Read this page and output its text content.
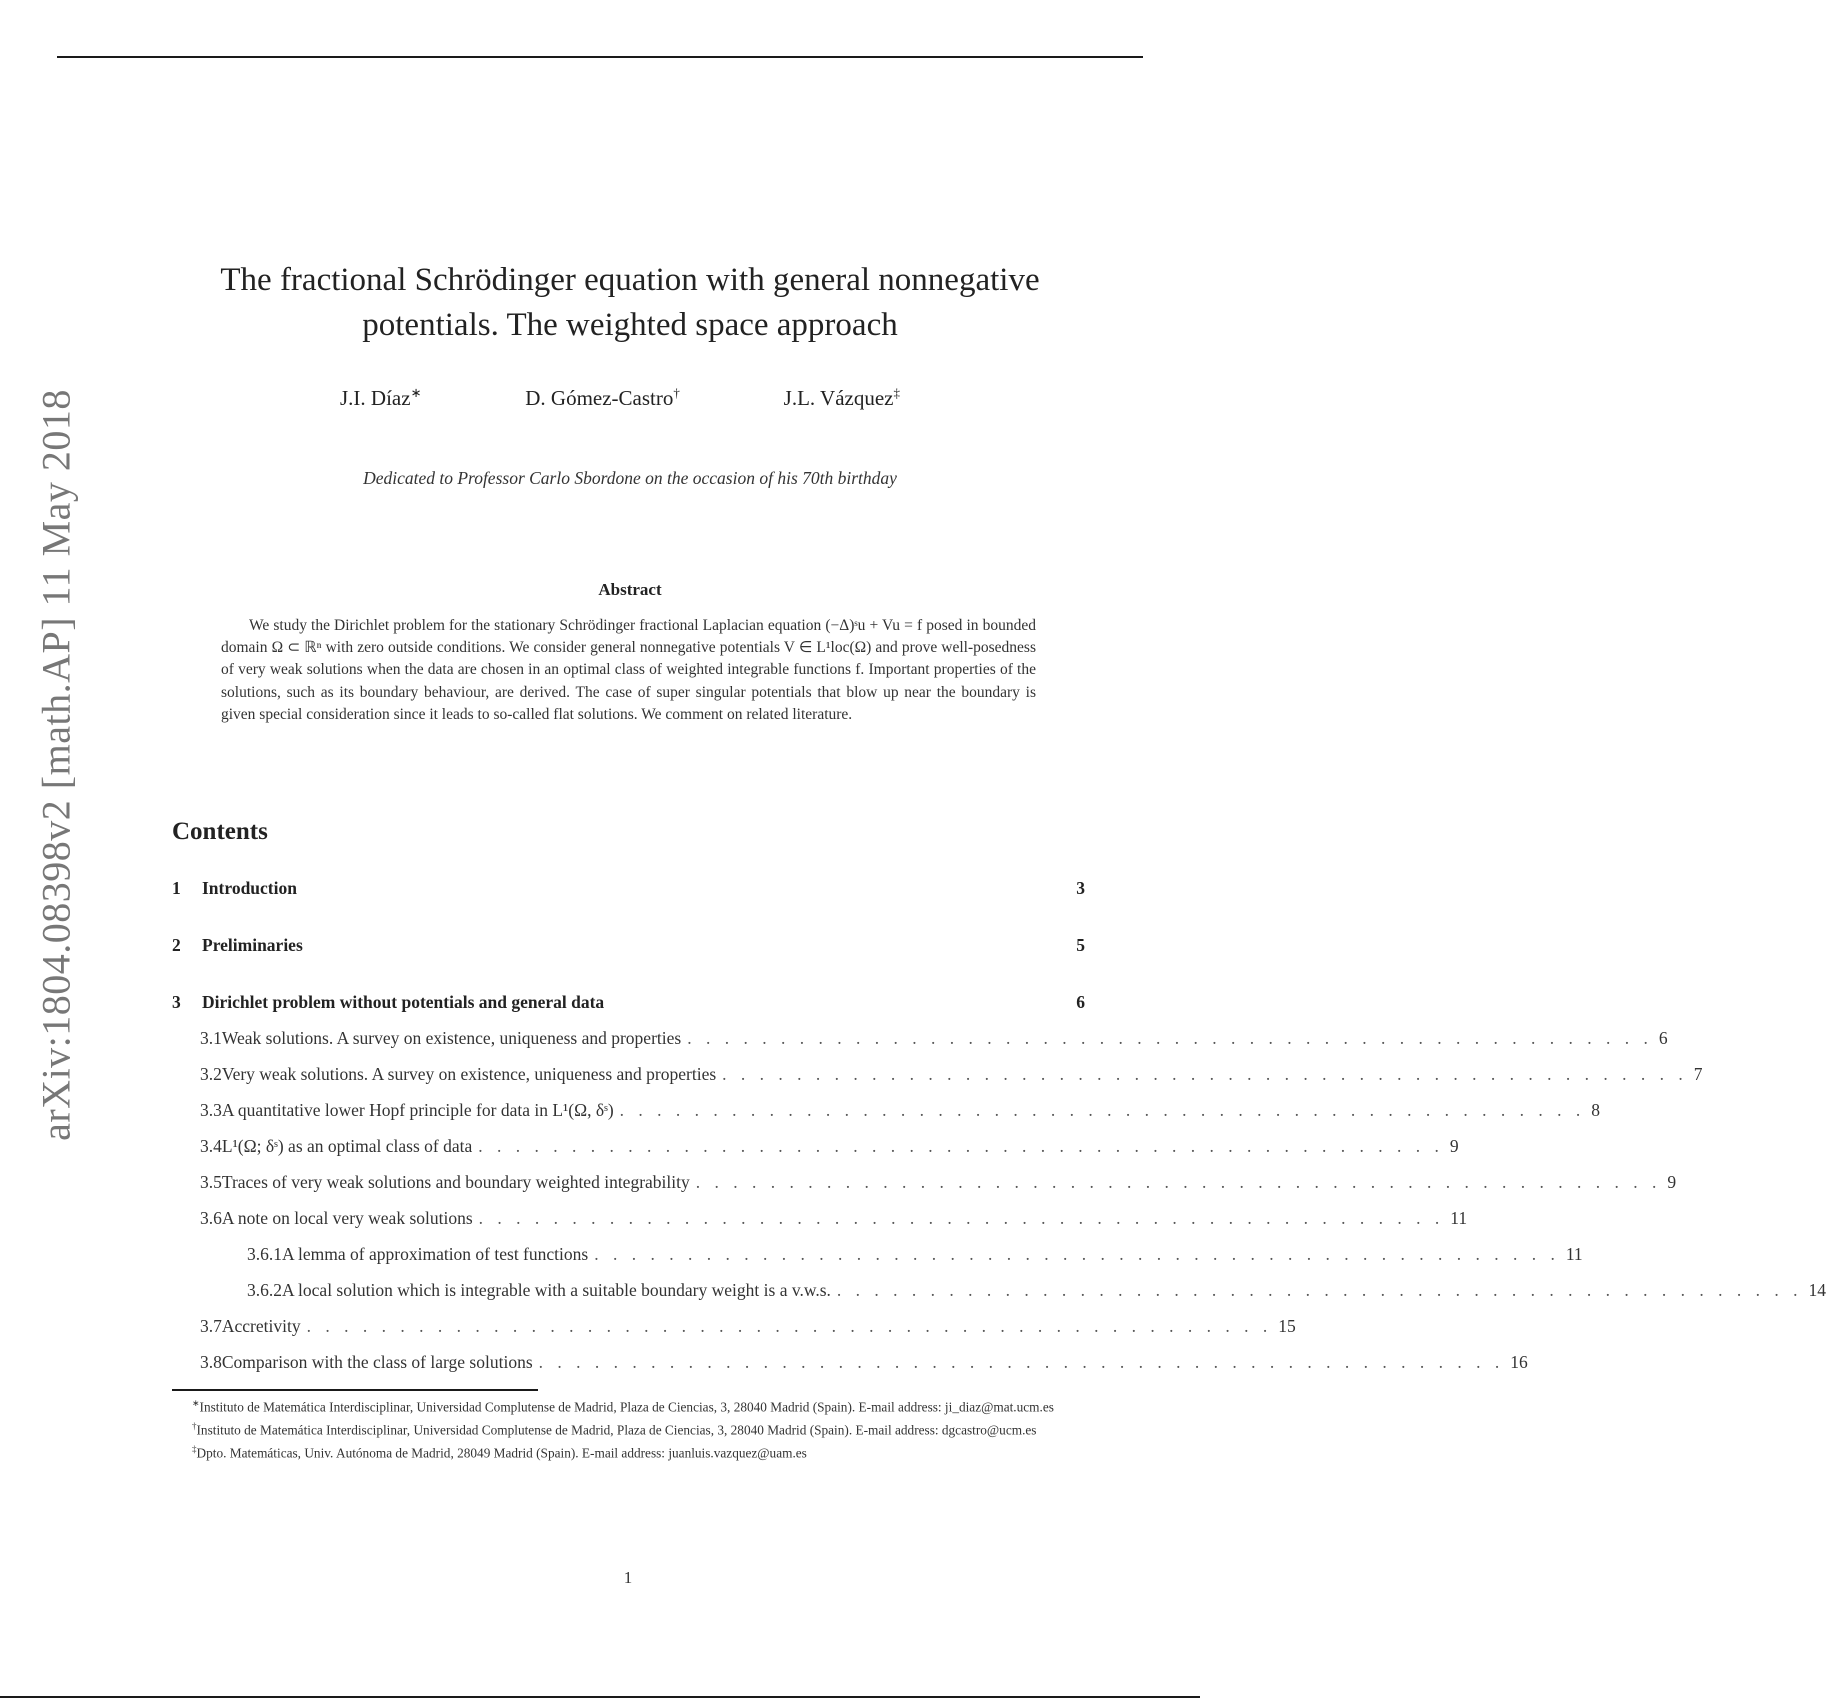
arXiv:1804.08398v2 [math.AP] 11 May 2018
The fractional Schrödinger equation with general nonnegative
potentials. The weighted space approach
J.I. Díaz∗	D. Gómez-Castro†	J.L. Vázquez‡
Dedicated to Professor Carlo Sbordone on the occasion of his 70th birthday
Abstract
We study the Dirichlet problem for the stationary Schrödinger fractional Laplacian equation (−Δ)ˢu + Vu = f posed in bounded domain Ω ⊂ ℝⁿ with zero outside conditions. We consider general nonnegative potentials V ∈ L¹loc(Ω) and prove well-posedness of very weak solutions when the data are chosen in an optimal class of weighted integrable functions f. Important properties of the solutions, such as its boundary behaviour, are derived. The case of super singular potentials that blow up near the boundary is given special consideration since it leads to so-called flat solutions. We comment on related literature.
Contents
1	Introduction	3
2	Preliminaries	5
3	Dirichlet problem without potentials and general data	6
3.1 Weak solutions. A survey on existence, uniqueness and properties . . . . . . . . . . . . . . . . . . . . . . . . . . . . . . . . . . . . . . . . . . . . . . . . . . . . 6
3.2 Very weak solutions. A survey on existence, uniqueness and properties . . . . . . . . . . . . . . . . . . . . . . . . . . . . . . . . . . . . . . . . . . . . . . . . . . . . 7
3.3 A quantitative lower Hopf principle for data in L¹(Ω, δˢ) . . . . . . . . . . . . . . . . . . . . . . . . . . . . . . . . . . . . . . . . . . . . . . . . . . . . 8
3.4 L¹(Ω; δˢ) as an optimal class of data . . . . . . . . . . . . . . . . . . . . . . . . . . . . . . . . . . . . . . . . . . . . . . . . . . . . 9
3.5 Traces of very weak solutions and boundary weighted integrability . . . . . . . . . . . . . . . . . . . . . . . . . . . . . . . . . . . . . . . . . . . . . . . . . . . . 9
3.6 A note on local very weak solutions . . . . . . . . . . . . . . . . . . . . . . . . . . . . . . . . . . . . . . . . . . . . . . . . . . . . 11
3.6.1 A lemma of approximation of test functions . . . . . . . . . . . . . . . . . . . . . . . . . . . . . . . . . . . . . . . . . . . . . . . . . . . . 11
3.6.2 A local solution which is integrable with a suitable boundary weight is a v.w.s. . . . . . . . . . . . . . . . . . . . . . . . . . . . . . . . . . . . . . . . . . . . . . . . . . . . . 14
3.7 Accretivity . . . . . . . . . . . . . . . . . . . . . . . . . . . . . . . . . . . . . . . . . . . . . . . . . . . . 15
3.8 Comparison with the class of large solutions . . . . . . . . . . . . . . . . . . . . . . . . . . . . . . . . . . . . . . . . . . . . . . . . . . . . 16

∗Instituto de Matemática Interdisciplinar, Universidad Complutense de Madrid, Plaza de Ciencias, 3, 28040 Madrid (Spain). E-mail address: ji_diaz@mat.ucm.es

†Instituto de Matemática Interdisciplinar, Universidad Complutense de Madrid, Plaza de Ciencias, 3, 28040 Madrid (Spain). E-mail address: dgcastro@ucm.es

‡Dpto. Matemáticas, Univ. Autónoma de Madrid, 28049 Madrid (Spain). E-mail address: juanluis.vazquez@uam.es

1
